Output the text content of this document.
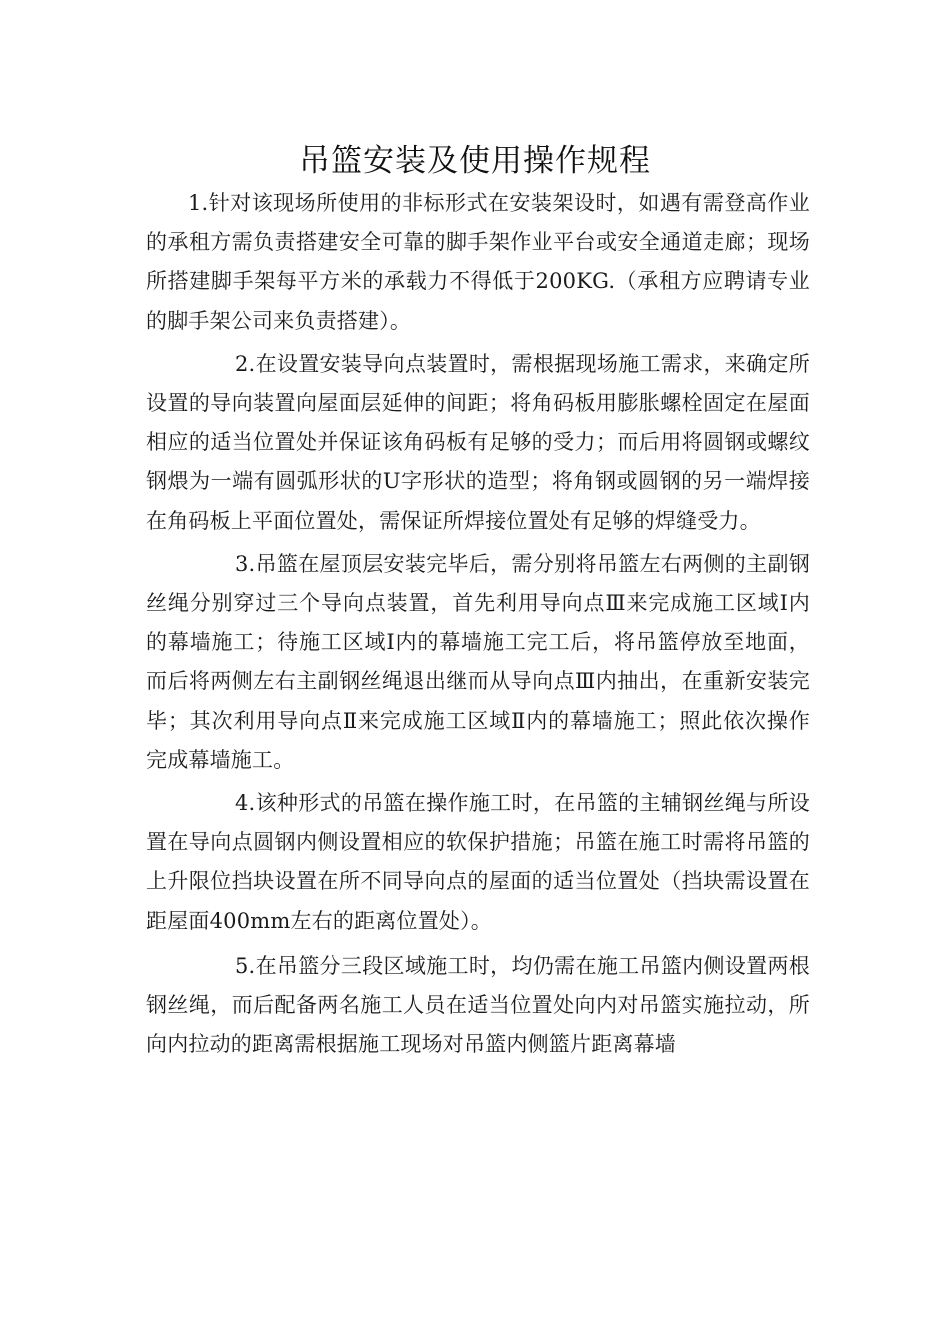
吊篮安装及使用操作规程

1.针对该现场所使用的非标形式在安装架设时，如遇有需登高作业的承租方需负责搭建安全可靠的脚手架作业平台或安全通道走廊；现场所搭建脚手架每平方米的承载力不得低于200KG.（承租方应聘请专业的脚手架公司来负责搭建）。

2.在设置安装导向点装置时，需根据现场施工需求，来确定所设置的导向装置向屋面层延伸的间距；将角码板用膨胀螺栓固定在屋面相应的适当位置处并保证该角码板有足够的受力；而后用将圆钢或螺纹钢煨为一端有圆弧形状的U字形状的造型；将角钢或圆钢的另一端焊接在角码板上平面位置处，需保证所焊接位置处有足够的焊缝受力。

3.吊篮在屋顶层安装完毕后，需分别将吊篮左右两侧的主副钢丝绳分别穿过三个导向点装置，首先利用导向点Ⅲ来完成施工区域Ⅰ内的幕墙施工；待施工区域Ⅰ内的幕墙施工完工后，将吊篮停放至地面，而后将两侧左右主副钢丝绳退出继而从导向点Ⅲ内抽出，在重新安装完毕；其次利用导向点Ⅱ来完成施工区域Ⅱ内的幕墙施工；照此依次操作完成幕墙施工。

4.该种形式的吊篮在操作施工时，在吊篮的主辅钢丝绳与所设置在导向点圆钢内侧设置相应的软保护措施；吊篮在施工时需将吊篮的上升限位挡块设置在所不同导向点的屋面的适当位置处（挡块需设置在距屋面400mm左右的距离位置处）。

5.在吊篮分三段区域施工时，均仍需在施工吊篮内侧设置两根钢丝绳，而后配备两名施工人员在适当位置处向内对吊篮实施拉动，所向内拉动的距离需根据施工现场对吊篮内侧篮片距离幕墙
